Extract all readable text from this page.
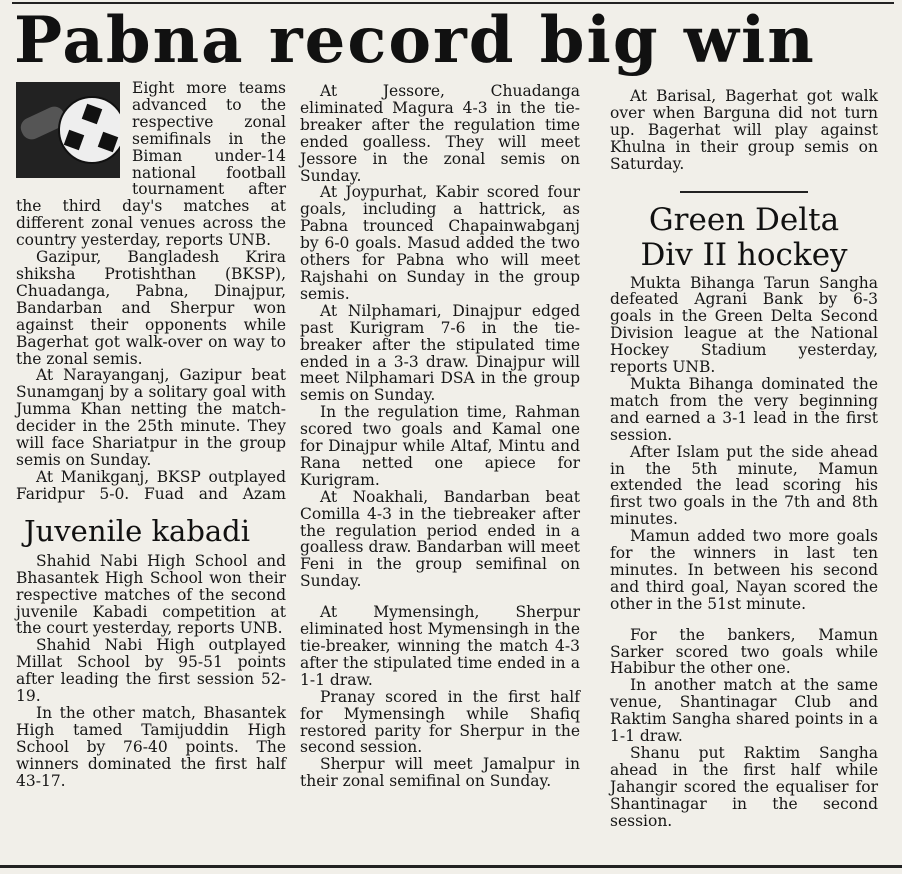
Pabna record big win

Eight more teams advanced to the respective zonal semifinals in the Biman under-14 national football tournament after the third day's matches at different zonal venues across the country yesterday, reports UNB.

Gazipur, Bangladesh Krira shiksha Protishthan (BKSP), Chuadanga, Pabna, Dinajpur, Bandarban and Sherpur won against their opponents while Bagerhat got walk-over on way to the zonal semis.

At Narayanganj, Gazipur beat Sunamganj by a solitary goal with Jumma Khan netting the match-decider in the 25th minute. They will face Shariatpur in the group semis on Sunday.

At Manikganj, BKSP outplayed Faridpur 5-0. Fuad and Azam

Juvenile kabadi

Shahid Nabi High School and Bhasantek High School won their respective matches of the second juvenile Kabadi competition at the court yesterday, reports UNB.

Shahid Nabi High outplayed Millat School by 95-51 points after leading the first session 52-19.

In the other match, Bhasantek High tamed Tamijuddin High School by 76-40 points. The winners dominated the first half 43-17.

At Jessore, Chuadanga eliminated Magura 4-3 in the tie-breaker after the regulation time ended goalless. They will meet Jessore in the zonal semis on Sunday.

At Joypurhat, Kabir scored four goals, including a hattrick, as Pabna trounced Chapainwabganj by 6-0 goals. Masud added the two others for Pabna who will meet Rajshahi on Sunday in the group semis.

At Nilphamari, Dinajpur edged past Kurigram 7-6 in the tie-breaker after the stipulated time ended in a 3-3 draw. Dinajpur will meet Nilphamari DSA in the group semis on Sunday.

In the regulation time, Rahman scored two goals and Kamal one for Dinajpur while Altaf, Mintu and Rana netted one apiece for Kurigram.

At Noakhali, Bandarban beat Comilla 4-3 in the tiebreaker after the regulation period ended in a goalless draw. Bandarban will meet Feni in the group semifinal on Sunday.

At Mymensingh, Sherpur eliminated host Mymensingh in the tie-breaker, winning the match 4-3 after the stipulated time ended in a 1-1 draw.

Pranay scored in the first half for Mymensingh while Shafiq restored parity for Sherpur in the second session.

Sherpur will meet Jamalpur in their zonal semifinal on Sunday.

At Barisal, Bagerhat got walk over when Barguna did not turn up. Bagerhat will play against Khulna in their group semis on Saturday.

Green Delta
Div II hockey

Mukta Bihanga Tarun Sangha defeated Agrani Bank by 6-3 goals in the Green Delta Second Division league at the National Hockey Stadium yesterday, reports UNB.

Mukta Bihanga dominated the match from the very beginning and earned a 3-1 lead in the first session.

After Islam put the side ahead in the 5th minute, Mamun extended the lead scoring his first two goals in the 7th and 8th minutes.

Mamun added two more goals for the winners in last ten minutes. In between his second and third goal, Nayan scored the other in the 51st minute.

For the bankers, Mamun Sarker scored two goals while Habibur the other one.

In another match at the same venue, Shantinagar Club and Raktim Sangha shared points in a 1-1 draw.

Shanu put Raktim Sangha ahead in the first half while Jahangir scored the equaliser for Shantinagar in the second session.
